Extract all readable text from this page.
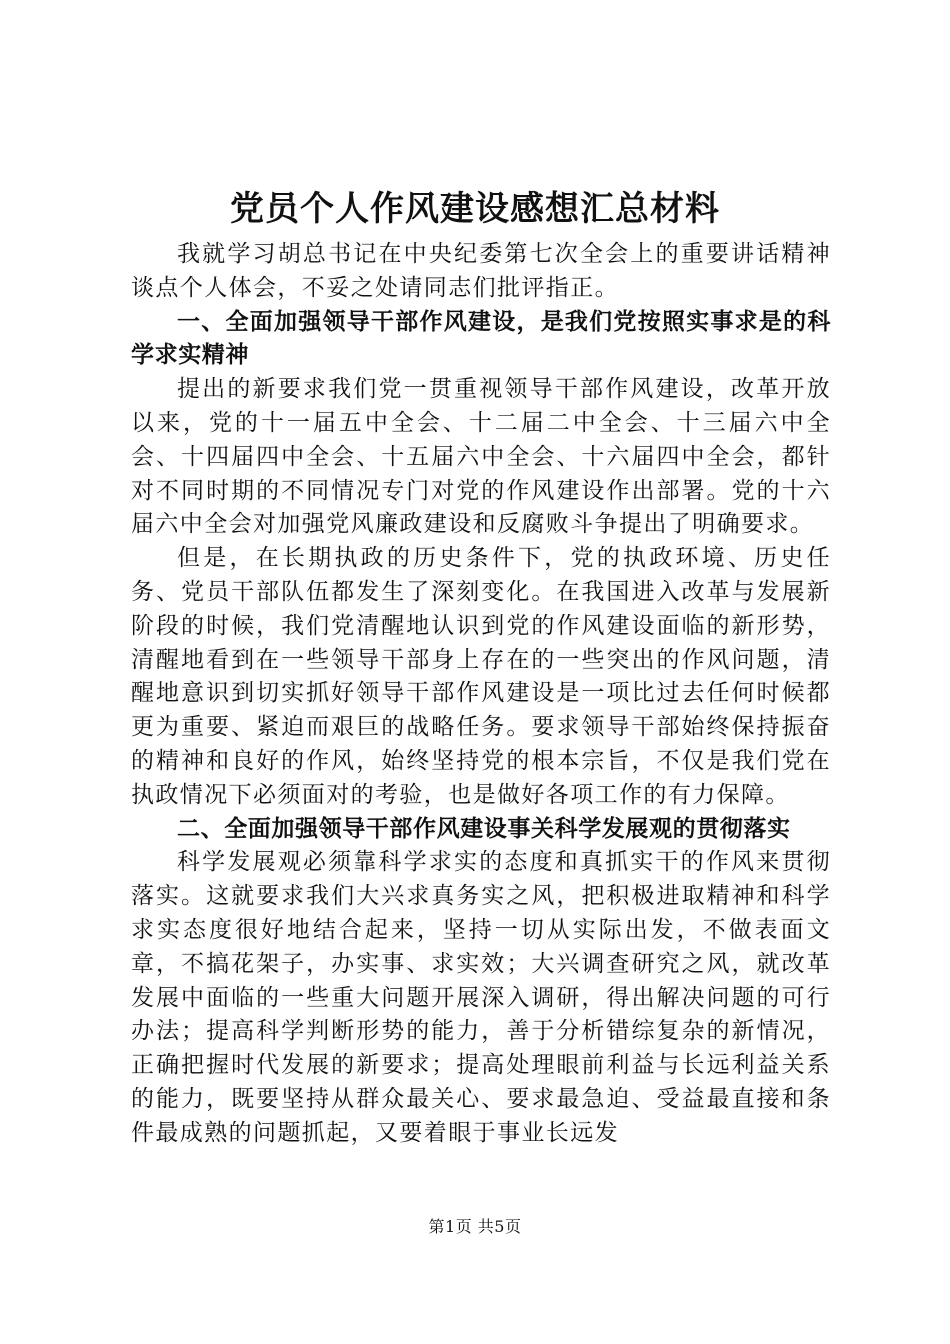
党员个人作风建设感想汇总材料

我就学习胡总书记在中央纪委第七次全会上的重要讲话精神谈点个人体会，不妥之处请同志们批评指正。

一、全面加强领导干部作风建设，是我们党按照实事求是的科学求实精神

提出的新要求我们党一贯重视领导干部作风建设，改革开放以来，党的十一届五中全会、十二届二中全会、十三届六中全会、十四届四中全会、十五届六中全会、十六届四中全会，都针对不同时期的不同情况专门对党的作风建设作出部署。党的十六届六中全会对加强党风廉政建设和反腐败斗争提出了明确要求。

但是，在长期执政的历史条件下，党的执政环境、历史任务、党员干部队伍都发生了深刻变化。在我国进入改革与发展新阶段的时候，我们党清醒地认识到党的作风建设面临的新形势，清醒地看到在一些领导干部身上存在的一些突出的作风问题，清醒地意识到切实抓好领导干部作风建设是一项比过去任何时候都更为重要、紧迫而艰巨的战略任务。要求领导干部始终保持振奋的精神和良好的作风，始终坚持党的根本宗旨，不仅是我们党在执政情况下必须面对的考验，也是做好各项工作的有力保障。

二、全面加强领导干部作风建设事关科学发展观的贯彻落实

科学发展观必须靠科学求实的态度和真抓实干的作风来贯彻落实。这就要求我们大兴求真务实之风，把积极进取精神和科学求实态度很好地结合起来，坚持一切从实际出发，不做表面文章，不搞花架子，办实事、求实效；大兴调查研究之风，就改革发展中面临的一些重大问题开展深入调研，得出解决问题的可行办法；提高科学判断形势的能力，善于分析错综复杂的新情况，正确把握时代发展的新要求；提高处理眼前利益与长远利益关系的能力，既要坚持从群众最关心、要求最急迫、受益最直接和条件最成熟的问题抓起，又要着眼于事业长远发

第1页 共5页
